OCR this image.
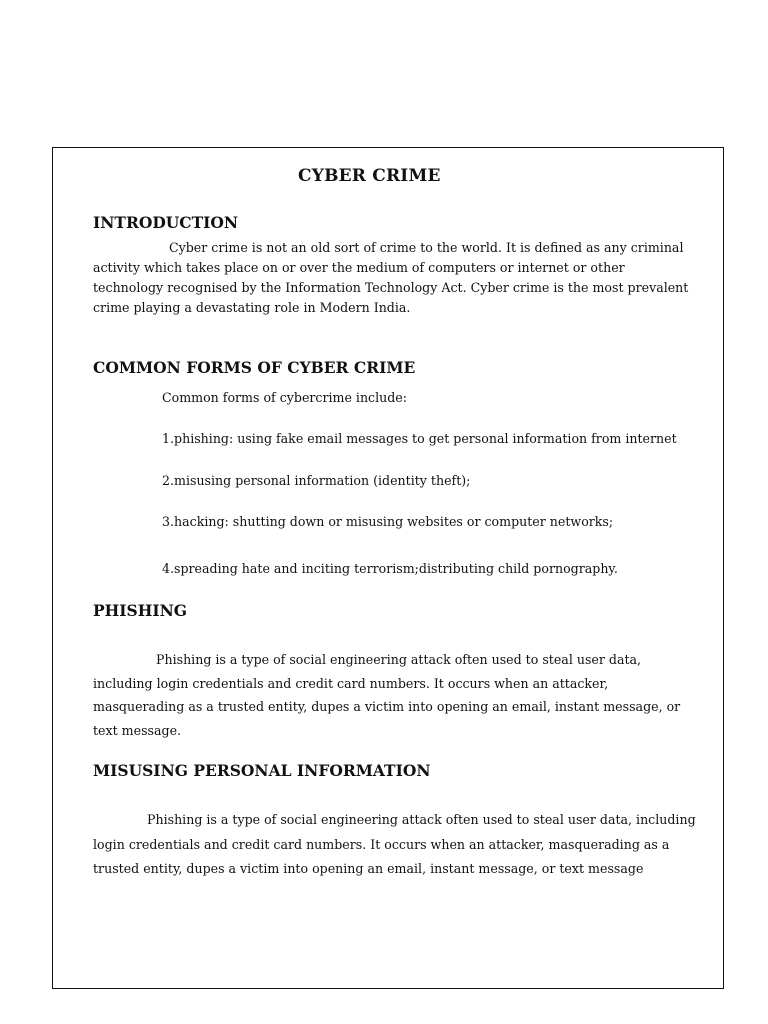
CYBER CRIME
INTRODUCTION
Cyber crime is not an old sort of crime to the world. It is defined as any criminal
activity which takes place on or over the medium of computers or internet or other
technology recognised by the Information Technology Act. Cyber crime is the most prevalent
crime playing a devastating role in Modern India.
COMMON FORMS OF CYBER CRIME

Common forms of cybercrime include:

1.phishing: using fake email messages to get personal information from internet

2.misusing personal information (identity theft);

3.hacking: shutting down or misusing websites or computer networks;

4.spreading hate and inciting terrorism;distributing child pornography.

PHISHING
Phishing is a type of social engineering attack often used to steal user data,
including login credentials and credit card numbers. It occurs when an attacker,
masquerading as a trusted entity, dupes a victim into opening an email, instant message, or
text message.
MISUSING PERSONAL INFORMATION
Phishing is a type of social engineering attack often used to steal user data, including
login credentials and credit card numbers. It occurs when an attacker, masquerading as a
trusted entity, dupes a victim into opening an email, instant message, or text message
